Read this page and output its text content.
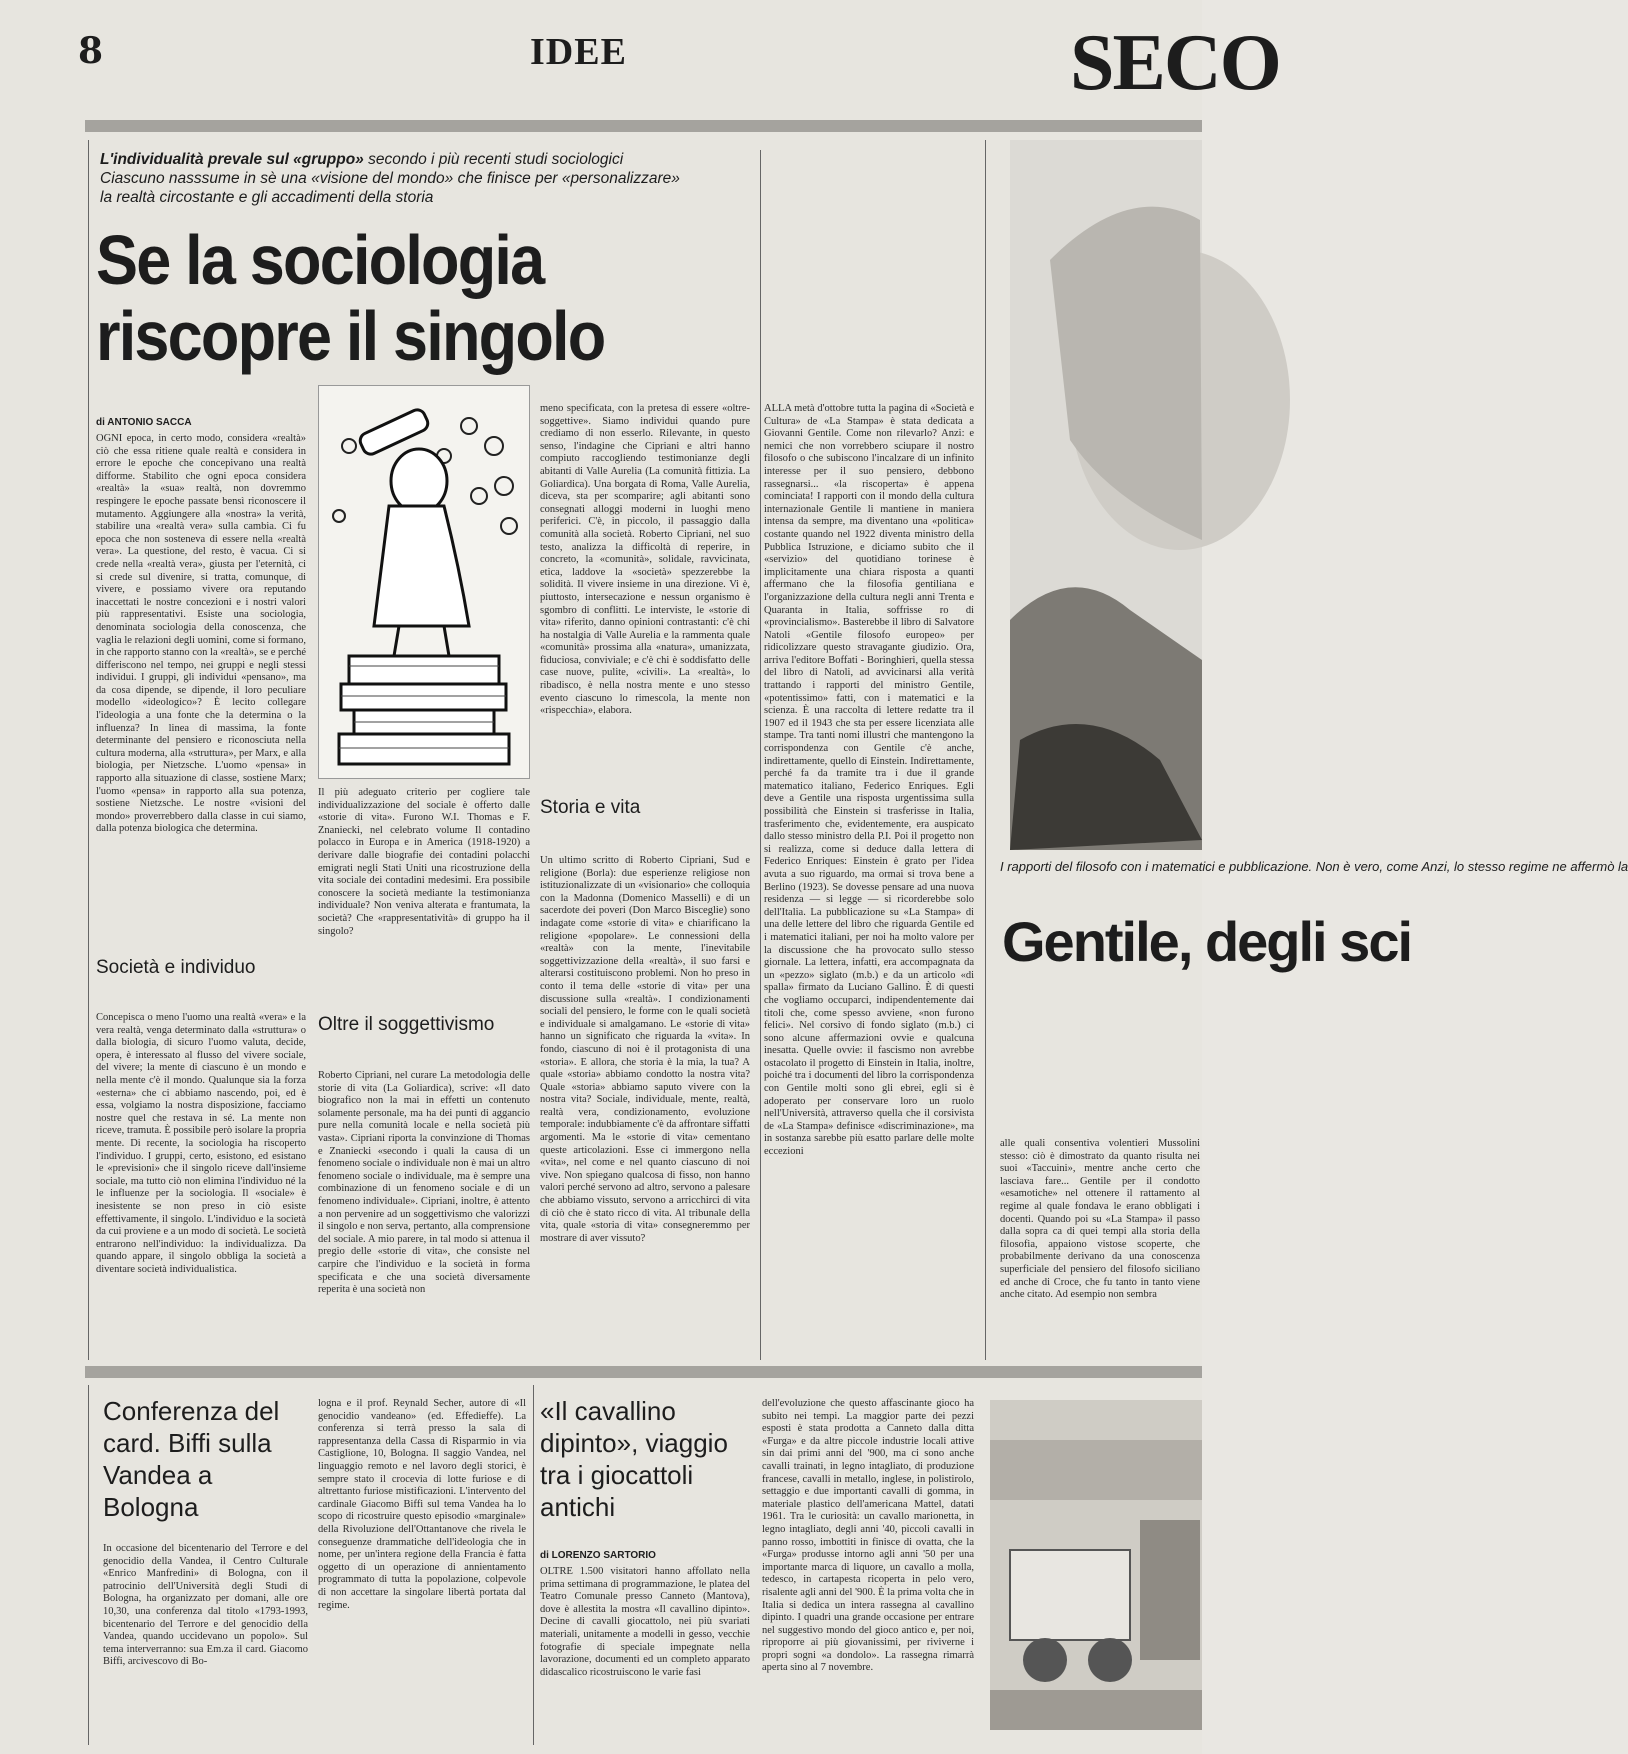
8	IDEE	SECO
L'individualità prevale sul «gruppo» secondo i più recenti studi sociologici Ciascuno nasssume in sè una «visione del mondo» che finisce per «personalizzare» la realtà circostante e gli accadimenti della storia
Se la sociologia riscopre il singolo
di ANTONIO SACCA
OGNI epoca, in certo modo, considera «realtà» ciò che essa ritiene quale realtà e considera in errore le epoche che concepivano una realtà difforme. Stabilito che ogni epoca considera «realtà» la «sua» realtà, non dovremmo respingere le epoche passate bensì riconoscere il mutamento. Aggiungere alla «nostra» la verità, stabilire una «realtà vera» sulla cambia. Ci fu epoca che non sosteneva di essere nella «realtà vera». La questione, del resto, è vacua. Ci si crede nella «realtà vera», giusta per l'eternità, ci si crede sul divenire, si tratta, comunque, di vivere, e possiamo vivere ora reputando inaccettati le nostre concezioni e i nostri valori più rappresentativi. Esiste una sociologia, denominata sociologia della conoscenza, che vaglia le relazioni degli uomini, come si formano, in che rapporto stanno con la «realtà», se e perché differiscono nel tempo, nei gruppi e negli stessi individui. I gruppi, gli individui «pensano», ma da cosa dipende, se dipende, il loro peculiare modello «ideologico»? È lecito collegare l'ideologia a una fonte che la determina o la influenza? In linea di massima, la fonte determinante del pensiero e riconosciuta nella cultura moderna, alla «struttura», per Marx, e alla biologia, per Nietzsche. L'uomo «pensa» in rapporto alla situazione di classe, sostiene Marx; l'uomo «pensa» in rapporto alla sua potenza, sostiene Nietzsche. Le nostre «visioni del mondo» proverrebbero dalla classe in cui siamo, dalla potenza biologica che determina.
Società e individuo
Concepisca o meno l'uomo una realtà «vera» e la vera realtà, venga determinato dalla «struttura» o dalla biologia, di sicuro l'uomo valuta, decide, opera, è interessato al flusso del vivere sociale, del vivere; la mente di ciascuno è un mondo e nella mente c'è il mondo. Qualunque sia la forza «esterna» che ci abbiamo nascendo, poi, ed è essa, volgiamo la nostra disposizione, facciamo nostre quel che restava in sé. La mente non riceve, tramuta. È possibile però isolare la propria mente. Di recente, la sociologia ha riscoperto l'individuo. I gruppi, certo, esistono, ed esistano le «previsioni» che il singolo riceve dall'insieme sociale, ma tutto ciò non elimina l'individuo né la le influenze per la sociologia. Il «sociale» è inesistente se non preso in ciò esiste effettivamente, il singolo. L'individuo e la società da cui proviene e a un modo di società. Le società entrarono nell'individuo: la individualizza. Da quando appare, il singolo obbliga la società a diventare società individualistica.
Il più adeguato criterio per cogliere tale individualizzazione del sociale è offerto dalle «storie di vita». Furono W.I. Thomas e F. Znaniecki, nel celebrato volume Il contadino polacco in Europa e in America (1918-1920) a derivare dalle biografie dei contadini polacchi emigrati negli Stati Uniti una ricostruzione della vita sociale dei contadini medesimi. Era possibile conoscere la società mediante la testimonianza individuale? Non veniva alterata e frantumata, la società? Che «rappresentatività» di gruppo ha il singolo?
Oltre il soggettivismo
Roberto Cipriani, nel curare La metodologia delle storie di vita (La Goliardica), scrive: «Il dato biografico non la mai in effetti un contenuto solamente personale, ma ha dei punti di aggancio pure nella comunità locale e nella società più vasta». Cipriani riporta la convinzione di Thomas e Znaniecki «secondo i quali la causa di un fenomeno sociale o individuale non è mai un altro fenomeno sociale o individuale, ma è sempre una combinazione di un fenomeno sociale e di un fenomeno individuale». Cipriani, inoltre, è attento a non pervenire ad un soggettivismo che valorizzi il singolo e non serva, pertanto, alla comprensione del sociale. A mio parere, in tal modo si attenua il pregio delle «storie di vita», che consiste nel carpire che l'individuo e la società in forma specificata e che una società diversamente reperita è una società non
meno specificata, con la pretesa di essere «oltre-soggettive». Siamo individui quando pure crediamo di non esserlo. Rilevante, in questo senso, l'indagine che Cipriani e altri hanno compiuto raccogliendo testimonianze degli abitanti di Valle Aurelia (La comunità fittizia. La Goliardica). Una borgata di Roma, Valle Aurelia, diceva, sta per scomparire; agli abitanti sono consegnati alloggi moderni in luoghi meno periferici. C'è, in piccolo, il passaggio dalla comunità alla società. Roberto Cipriani, nel suo testo, analizza la difficoltà di reperire, in concreto, la «comunità», solidale, ravvicinata, etica, laddove la «società» spezzerebbe la solidità. Il vivere insieme in una direzione. Vi è, piuttosto, intersecazione e nessun organismo è sgombro di conflitti. Le interviste, le «storie di vita» riferito, danno opinioni contrastanti: c'è chi ha nostalgia di Valle Aurelia e la rammenta quale «comunità» prossima alla «natura», umanizzata, fiduciosa, conviviale; e c'è chi è soddisfatto delle case nuove, pulite, «civili». La «realtà», lo ribadisco, è nella nostra mente e uno stesso evento ciascuno lo rimescola, la mente non «rispecchia», elabora.
Storia e vita
Un ultimo scritto di Roberto Cipriani, Sud e religione (Borla): due esperienze religiose non istituzionalizzate di un «visionario» che colloquia con la Madonna (Domenico Masselli) e di un sacerdote dei poveri (Don Marco Bisceglie) sono indagate come «storie di vita» e chiarificano la religione «popolare». Le connessioni della «realtà» con la mente, l'inevitabile soggettivizzazione della «realtà», il suo farsi e alterarsi costituiscono problemi. Non ho preso in conto il tema delle «storie di vita» per una discussione sulla «realtà». I condizionamenti sociali del pensiero, le forme con le quali società e individuale si amalgamano. Le «storie di vita» hanno un significato che riguarda la «vita». In fondo, ciascuno di noi è il protagonista di una «storia». E allora, che storia è la mia, la tua? A quale «storia» abbiamo condotto la nostra vita? Quale «storia» abbiamo saputo vivere con la nostra vita? Sociale, individuale, mente, realtà, realtà vera, condizionamento, evoluzione temporale: indubbiamente c'è da affrontare siffatti argomenti. Ma le «storie di vita» cementano queste articolazioni. Esse ci immergono nella «vita», nel come e nel quanto ciascuno di noi vive. Non spiegano qualcosa di fisso, non hanno valori perché servono ad altro, servono a palesare che abbiamo vissuto, servono a arricchirci di vita di ciò che è stato ricco di vita. Al tribunale della vita, quale «storia di vita» consegneremmo per mostrare di aver vissuto?
ALLA metà d'ottobre tutta la pagina di «Società e Cultura» de «La Stampa» è stata dedicata a Giovanni Gentile. Come non rilevarlo? Anzi: e nemici che non vorrebbero sciupare il nostro filosofo o che subiscono l'incalzare di un infinito interesse per il suo pensiero, debbono rassegnarsi... «la riscoperta» è appena cominciata! I rapporti con il mondo della cultura internazionale Gentile li mantiene in maniera intensa da sempre, ma diventano una «politica» costante quando nel 1922 diventa ministro della Pubblica Istruzione, e diciamo subito che il «servizio» del quotidiano torinese è implicitamente una chiara risposta a quanti affermano che la filosofia gentiliana e l'organizzazione della cultura negli anni Trenta e Quaranta in Italia, soffrisse ro di «provincialismo». Basterebbe il libro di Salvatore Natoli «Gentile filosofo europeo» per ridicolizzare questo stravagante giudizio. Ora, arriva l'editore Boffati - Boringhieri, quella stessa del libro di Natoli, ad avvicinarsi alla verità trattando i rapporti del ministro Gentile, «potentissimo» fatti, con i matematici e la scienza. È una raccolta di lettere redatte tra il 1907 ed il 1943 che sta per essere licenziata alle stampe. Tra tanti nomi illustri che mantengono la corrispondenza con Gentile c'è anche, indirettamente, quello di Einstein. Indirettamente, perché fa da tramite tra i due il grande matematico italiano, Federico Enriques. Egli deve a Gentile una risposta urgentissima sulla possibilità che Einstein si trasferisse in Italia, trasferimento che, evidentemente, era auspicato dallo stesso ministro della P.I. Poi il progetto non si realizza, come si deduce dalla lettera di Federico Enriques: Einstein è grato per l'idea avuta a suo riguardo, ma ormai si trova bene a Berlino (1923). Se dovesse pensare ad una nuova residenza — si legge — si ricorderebbe solo dell'Italia. La pubblicazione su «La Stampa» di una delle lettere del libro che riguarda Gentile ed i matematici italiani, per noi ha molto valore per la discussione che ha provocato sullo stesso giornale. La lettera, infatti, era accompagnata da un «pezzo» siglato (m.b.) e da un articolo «di spalla» firmato da Luciano Gallino. È di questi che vogliamo occuparci, indipendentemente dai titoli che, come spesso avviene, «non furono felici». Nel corsivo di fondo siglato (m.b.) ci sono alcune affermazioni ovvie e qualcuna inesatta. Quelle ovvie: il fascismo non avrebbe ostacolato il progetto di Einstein in Italia, inoltre, poiché tra i documenti del libro la corrispondenza con Gentile molti sono gli ebrei, egli si è adoperato per conservare loro un ruolo nell'Università, attraverso quella che il corsivista de «La Stampa» definisce «discriminazione», ma in sostanza sarebbe più esatto parlare delle molte eccezioni
I rapporti del filosofo con i matematici e pubblicazione. Non è vero, come Anzi, lo stesso regime ne affermò la
Gentile, degli sci
alle quali consentiva volentieri Mussolini stesso: ciò è dimostrato da quanto risulta nei suoi «Taccuini», mentre anche certo che lasciava fare... Gentile per il condotto «esamotiche» nel ottenere il rattamento al regime al quale fondava le erano obbligati i docenti. Quando poi su «La Stampa» il passo dalla sopra ca di quei tempi alla storia della filosofia, appaiono vistose scoperte, che probabilmente derivano da una conoscenza superficiale del pensiero del filosofo siciliano ed anche di Croce, che fu tanto in tanto viene anche citato. Ad esempio non sembra
Conferenza del card. Biffi sulla Vandea a Bologna
In occasione del bicentenario del Terrore e del genocidio della Vandea, il Centro Culturale «Enrico Manfredini» di Bologna, con il patrocinio dell'Università degli Studi di Bologna, ha organizzato per domani, alle ore 10,30, una conferenza dal titolo «1793-1993, bicentenario del Terrore e del genocidio della Vandea, quando uccidevano un popolo». Sul tema interverranno: sua Em.za il card. Giacomo Biffi, arcivescovo di Bo-
logna e il prof. Reynald Secher, autore di «Il genocidio vandeano» (ed. Effedieffe). La conferenza si terrà presso la sala di rappresentanza della Cassa di Risparmio in via Castiglione, 10, Bologna. Il saggio Vandea, nel linguaggio remoto e nel lavoro degli storici, è sempre stato il crocevia di lotte furiose e di altrettanto furiose mistificazioni. L'intervento del cardinale Giacomo Biffi sul tema Vandea ha lo scopo di ricostruire questo episodio «marginale» della Rivoluzione dell'Ottantanove che rivela le conseguenze drammatiche dell'ideologia che in nome, per un'intera regione della Francia è fatta oggetto di un operazione di annientamento programmato di tutta la popolazione, colpevole di non accettare la singolare libertà portata dal regime.
«Il cavallino dipinto», viaggio tra i giocattoli antichi
di LORENZO SARTORIO
OLTRE 1.500 visitatori hanno affollato nella prima settimana di programmazione, le platea del Teatro Comunale presso Canneto (Mantova), dove è allestita la mostra «Il cavallino dipinto». Decine di cavalli giocattolo, nei più svariati materiali, unitamente a modelli in gesso, vecchie fotografie di speciale impegnate nella lavorazione, documenti ed un completo apparato didascalico ricostruiscono le varie fasi
dell'evoluzione che questo affascinante gioco ha subito nei tempi. La maggior parte dei pezzi esposti è stata prodotta a Canneto dalla ditta «Furga» e da altre piccole industrie locali attive sin dai primi anni del '900, ma ci sono anche cavalli trainati, in legno intagliato, di produzione francese, cavalli in metallo, inglese, in polistirolo, settaggio e due importanti cavalli di gomma, in materiale plastico dell'americana Mattel, datati 1961. Tra le curiosità: un cavallo marionetta, in legno intagliato, degli anni '40, piccoli cavalli in panno rosso, imbottiti in finisce di ovatta, che la «Furga» produsse intorno agli anni '50 per una importante marca di liquore, un cavallo a molla, tedesco, in cartapesta ricoperta in pelo vero, risalente agli anni del '900. È la prima volta che in Italia si dedica un intera rassegna al cavallino dipinto. I quadri una grande occasione per entrare nel suggestivo mondo del gioco antico e, per noi, riproporre ai più giovanissimi, per riviverne i propri sogni «a dondolo». La rassegna rimarrà aperta sino al 7 novembre.
